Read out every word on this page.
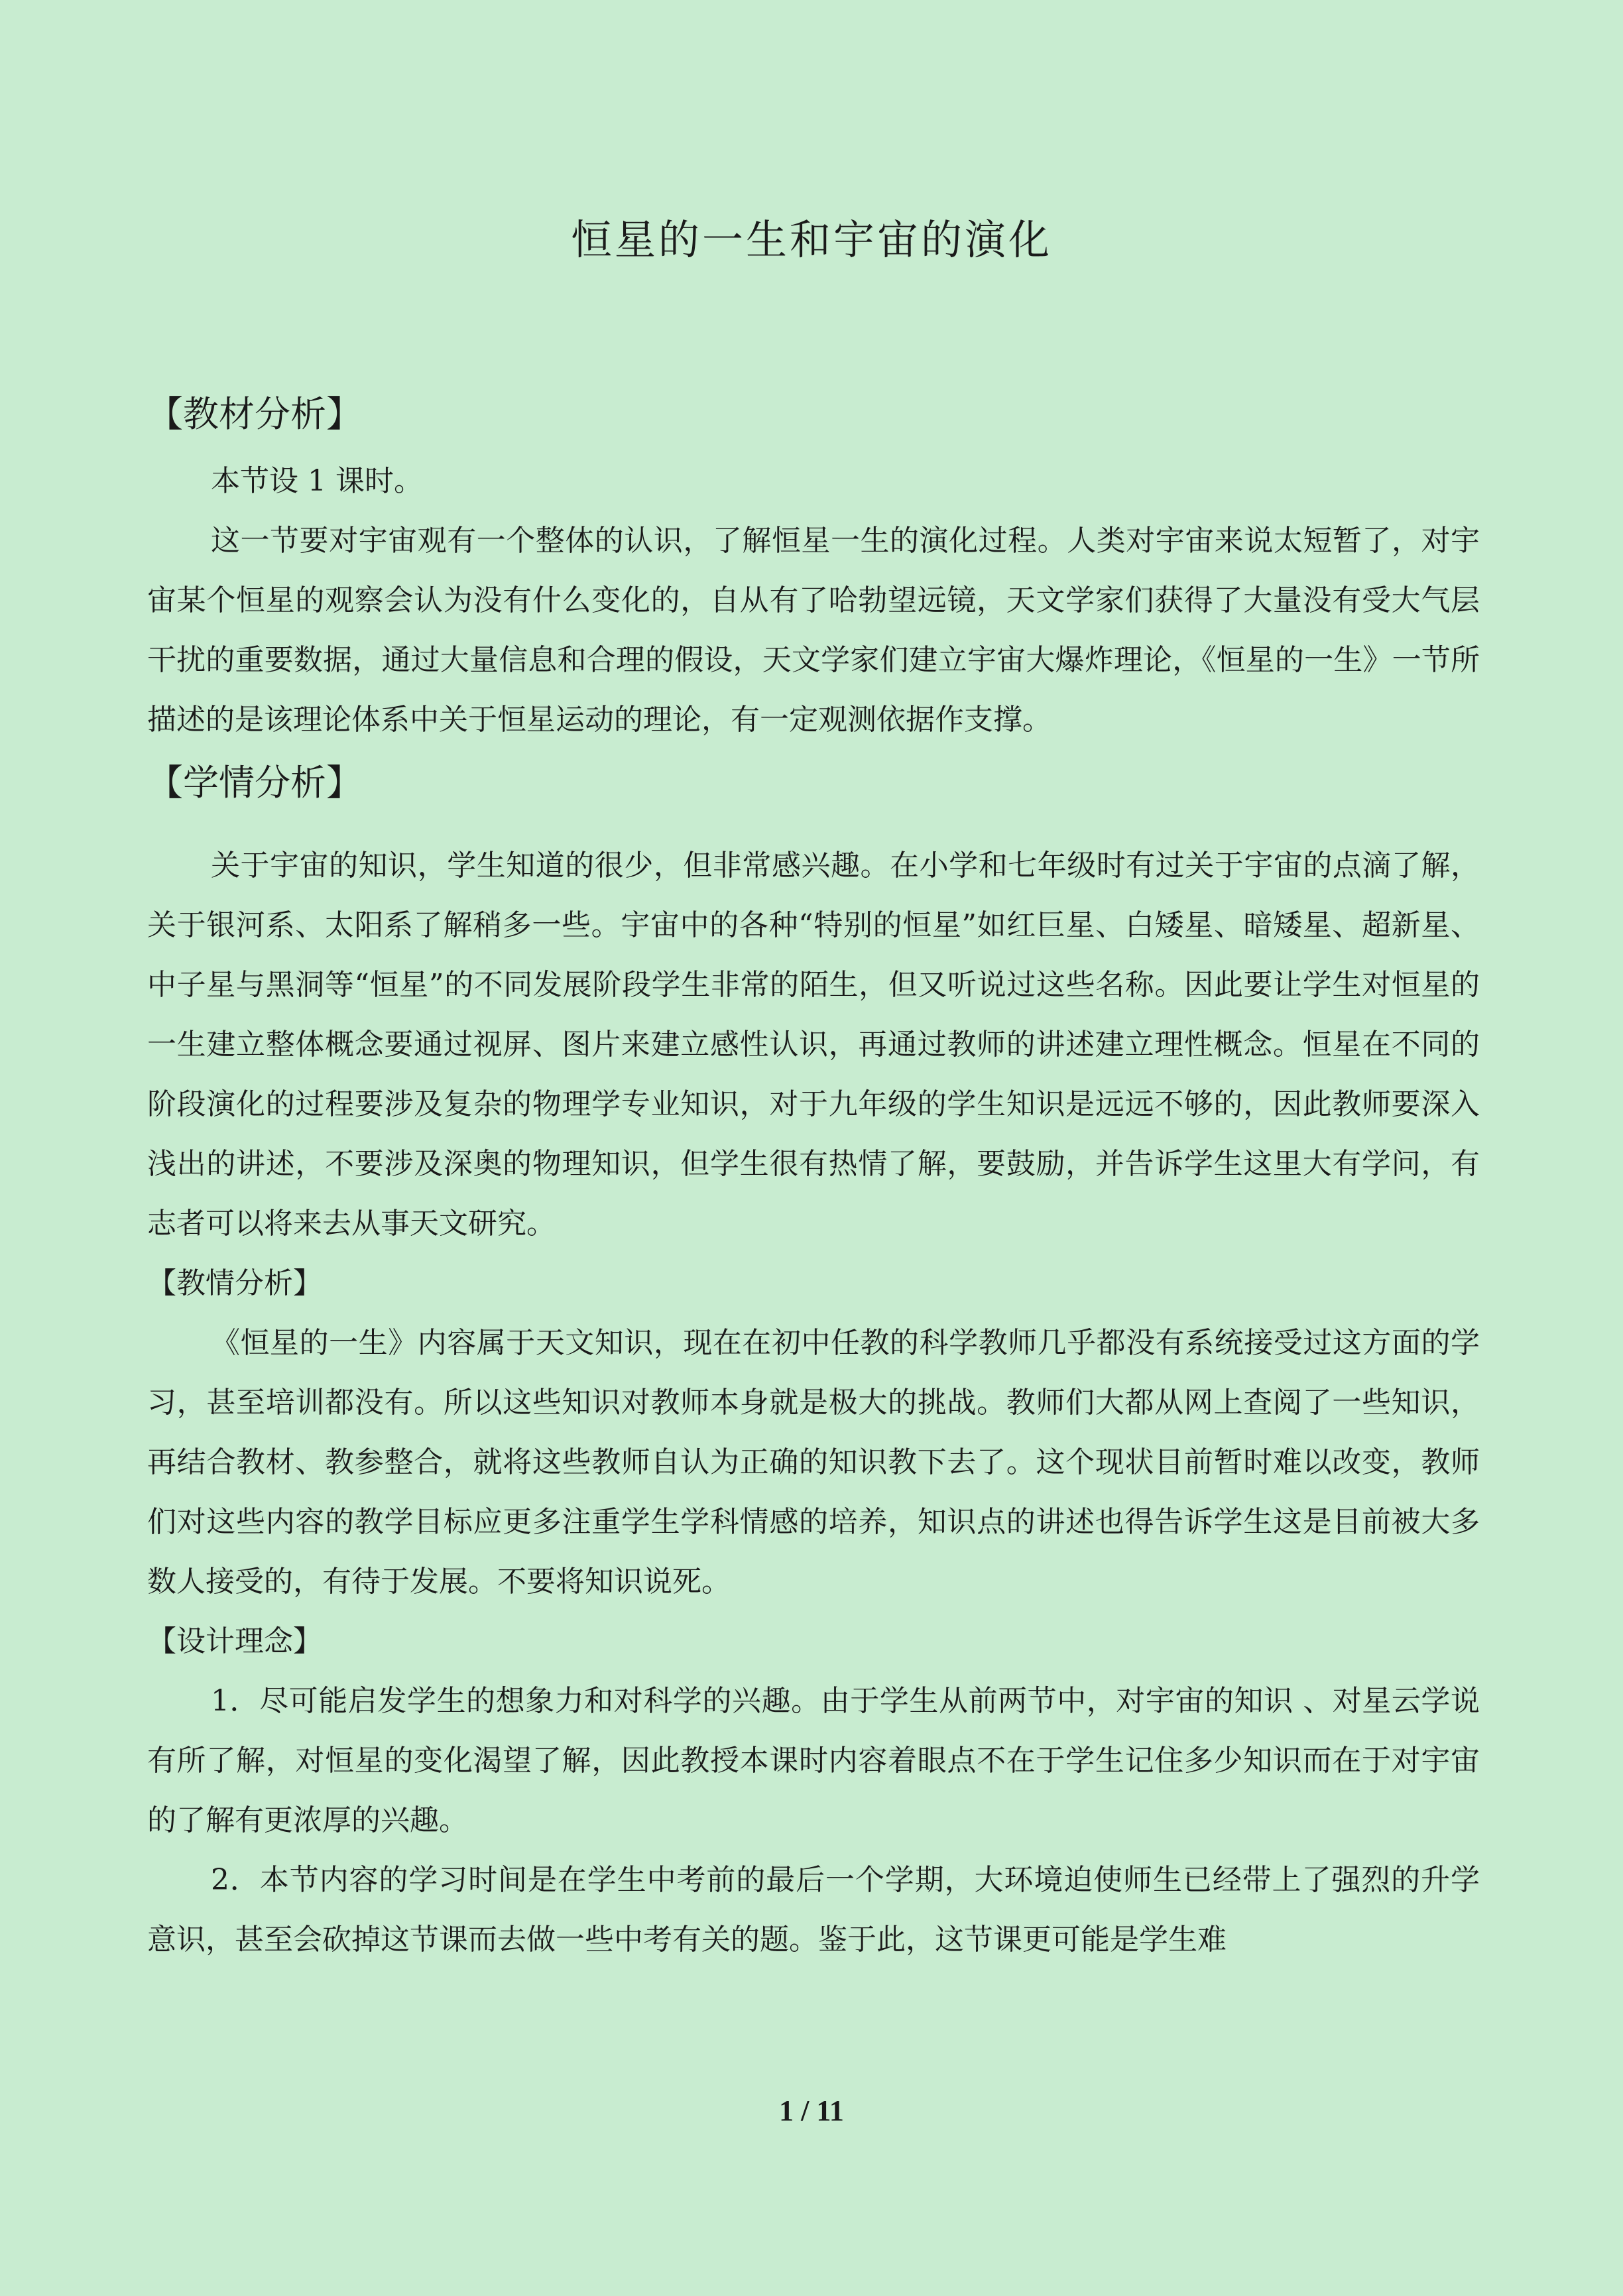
恒星的一生和宇宙的演化
【教材分析】

本节设 1 课时。

这一节要对宇宙观有一个整体的认识，了解恒星一生的演化过程。人类对宇宙来说太短暂了，对宇宙某个恒星的观察会认为没有什么变化的，自从有了哈勃望远镜，天文学家们获得了大量没有受大气层干扰的重要数据，通过大量信息和合理的假设，天文学家们建立宇宙大爆炸理论，《恒星的一生》一节所描述的是该理论体系中关于恒星运动的理论，有一定观测依据作支撑。

【学情分析】

关于宇宙的知识，学生知道的很少，但非常感兴趣。在小学和七年级时有过关于宇宙的点滴了解，关于银河系、太阳系了解稍多一些。宇宙中的各种“特别的恒星”如红巨星、白矮星、暗矮星、超新星、中子星与黑洞等“恒星”的不同发展阶段学生非常的陌生，但又听说过这些名称。因此要让学生对恒星的一生建立整体概念要通过视屏、图片来建立感性认识，再通过教师的讲述建立理性概念。恒星在不同的阶段演化的过程要涉及复杂的物理学专业知识，对于九年级的学生知识是远远不够的，因此教师要深入浅出的讲述，不要涉及深奥的物理知识，但学生很有热情了解，要鼓励，并告诉学生这里大有学问，有志者可以将来去从事天文研究。

【教情分析】

《恒星的一生》内容属于天文知识，现在在初中任教的科学教师几乎都没有系统接受过这方面的学习，甚至培训都没有。所以这些知识对教师本身就是极大的挑战。教师们大都从网上查阅了一些知识，再结合教材、教参整合，就将这些教师自认为正确的知识教下去了。这个现状目前暂时难以改变，教师们对这些内容的教学目标应更多注重学生学科情感的培养，知识点的讲述也得告诉学生这是目前被大多数人接受的，有待于发展。不要将知识说死。

【设计理念】

1．尽可能启发学生的想象力和对科学的兴趣。由于学生从前两节中，对宇宙的知识 、对星云学说有所了解，对恒星的变化渴望了解，因此教授本课时内容着眼点不在于学生记住多少知识而在于对宇宙的了解有更浓厚的兴趣。

2．本节内容的学习时间是在学生中考前的最后一个学期，大环境迫使师生已经带上了强烈的升学意识，甚至会砍掉这节课而去做一些中考有关的题。鉴于此，这节课更可能是学生难

1 / 11
